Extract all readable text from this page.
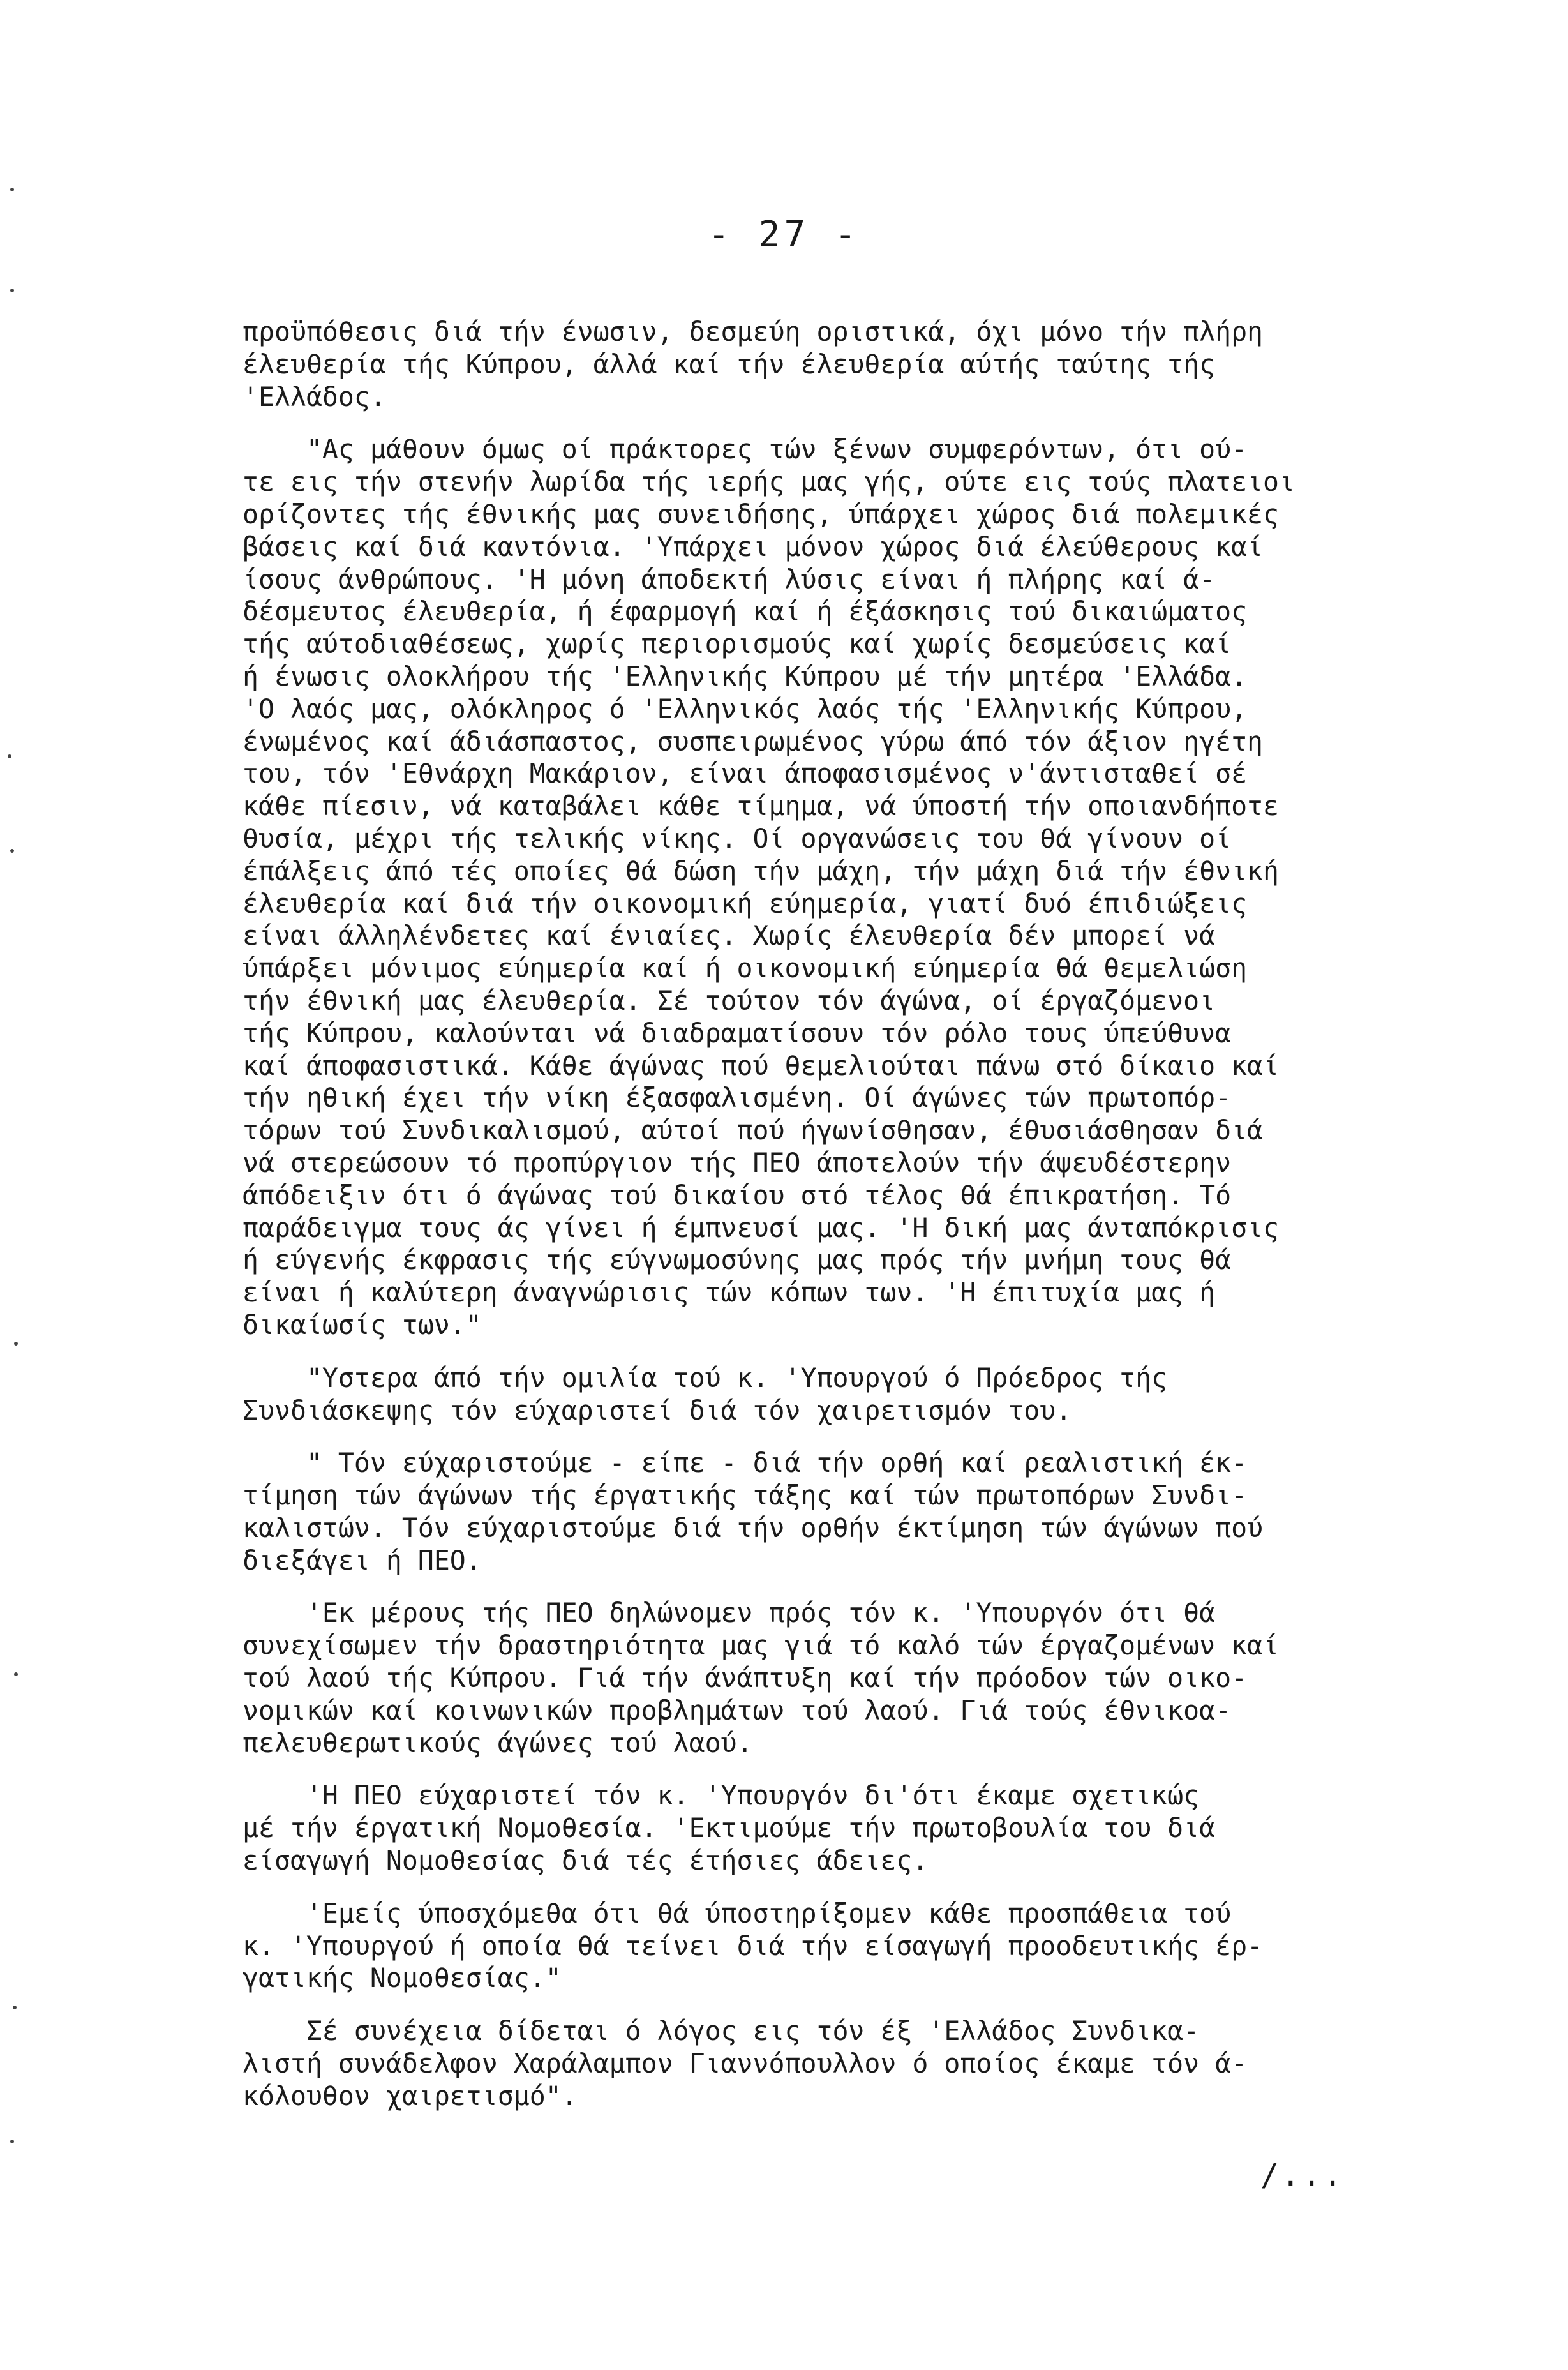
- 27 -
προϋπόθεσις διά τήν ένωσιν, δεσμεύη οριστικά, όχι μόνο τήν πλήρη
έλευθερία τής Κύπρου, άλλά καί τήν έλευθερία αύτής ταύτης τής
'Ελλάδος.
"Ας μάθουν όμως οί πράκτορες τών ξένων συμφερόντων, ότι ού-
τε εις τήν στενήν λωρίδα τής ιερής μας γής, ούτε εις τούς πλατειοι
ορίζοντες τής έθνικής μας συνειδήσης, ύπάρχει χώρος διά πολεμικές
βάσεις καί διά καντόνια. 'Υπάρχει μόνον χώρος διά έλεύθερους καί
ίσους άνθρώπους. 'Η μόνη άποδεκτή λύσις είναι ή πλήρης καί ά-
δέσμευτος έλευθερία, ή έφαρμογή καί ή έξάσκησις τού δικαιώματος
τής αύτοδιαθέσεως, χωρίς περιορισμούς καί χωρίς δεσμεύσεις καί
ή ένωσις ολοκλήρου τής 'Ελληνικής Κύπρου μέ τήν μητέρα 'Ελλάδα.
'Ο λαός μας, ολόκληρος ό 'Ελληνικός λαός τής 'Ελληνικής Κύπρου,
ένωμένος καί άδιάσπαστος, συσπειρωμένος γύρω άπό τόν άξιον ηγέτη
του, τόν 'Εθνάρχη Μακάριον, είναι άποφασισμένος ν'άντισταθεί σέ
κάθε πίεσιν, νά καταβάλει κάθε τίμημα, νά ύποστή τήν οποιανδήποτε
θυσία, μέχρι τής τελικής νίκης. Οί οργανώσεις του θά γίνουν οί
έπάλξεις άπό τές οποίες θά δώση τήν μάχη, τήν μάχη διά τήν έθνική
έλευθερία καί διά τήν οικονομική εύημερία, γιατί δυό έπιδιώξεις
είναι άλληλένδετες καί ένιαίες. Χωρίς έλευθερία δέν μπορεί νά
ύπάρξει μόνιμος εύημερία καί ή οικονομική εύημερία θά θεμελιώση
τήν έθνική μας έλευθερία. Σέ τούτον τόν άγώνα, οί έργαζόμενοι
τής Κύπρου, καλούνται νά διαδραματίσουν τόν ρόλο τους ύπεύθυνα
καί άποφασιστικά. Κάθε άγώνας πού θεμελιούται πάνω στό δίκαιο καί
τήν ηθική έχει τήν νίκη έξασφαλισμένη. Οί άγώνες τών πρωτοπόρ-
τόρων τού Συνδικαλισμού, αύτοί πού ήγωνίσθησαν, έθυσιάσθησαν διά
νά στερεώσουν τό προπύργιον τής ΠΕΟ άποτελούν τήν άψευδέστερην
άπόδειξιν ότι ό άγώνας τού δικαίου στό τέλος θά έπικρατήση. Τό
παράδειγμα τους άς γίνει ή έμπνευσί μας. 'Η δική μας άνταπόκρισις
ή εύγενής έκφρασις τής εύγνωμοσύνης μας πρός τήν μνήμη τους θά
είναι ή καλύτερη άναγνώρισις τών κόπων των. 'Η έπιτυχία μας ή
δικαίωσίς των."
"Υστερα άπό τήν ομιλία τού κ. 'Υπουργού ό Πρόεδρος τής
Συνδιάσκεψης τόν εύχαριστεί διά τόν χαιρετισμόν του.
" Τόν εύχαριστούμε - είπε - διά τήν ορθή καί ρεαλιστική έκ-
τίμηση τών άγώνων τής έργατικής τάξης καί τών πρωτοπόρων Συνδι-
καλιστών. Τόν εύχαριστούμε διά τήν ορθήν έκτίμηση τών άγώνων πού
διεξάγει ή ΠΕΟ.
'Εκ μέρους τής ΠΕΟ δηλώνομεν πρός τόν κ. 'Υπουργόν ότι θά
συνεχίσωμεν τήν δραστηριότητα μας γιά τό καλό τών έργαζομένων καί
τού λαού τής Κύπρου. Γιά τήν άνάπτυξη καί τήν πρόοδον τών οικο-
νομικών καί κοινωνικών προβλημάτων τού λαού. Γιά τούς έθνικοα-
πελευθερωτικούς άγώνες τού λαού.
'Η ΠΕΟ εύχαριστεί τόν κ. 'Υπουργόν δι'ότι έκαμε σχετικώς
μέ τήν έργατική Νομοθεσία. 'Εκτιμούμε τήν πρωτοβουλία του διά
είσαγωγή Νομοθεσίας διά τές έτήσιες άδειες.
'Εμείς ύποσχόμεθα ότι θά ύποστηρίξομεν κάθε προσπάθεια τού
κ. 'Υπουργού ή οποία θά τείνει διά τήν είσαγωγή προοδευτικής έρ-
γατικής Νομοθεσίας."
Σέ συνέχεια δίδεται ό λόγος εις τόν έξ 'Ελλάδος Συνδικα-
λιστή συνάδελφον Χαράλαμπον Γιαννόπουλλον ό οποίος έκαμε τόν ά-
κόλουθον χαιρετισμό".
/...
